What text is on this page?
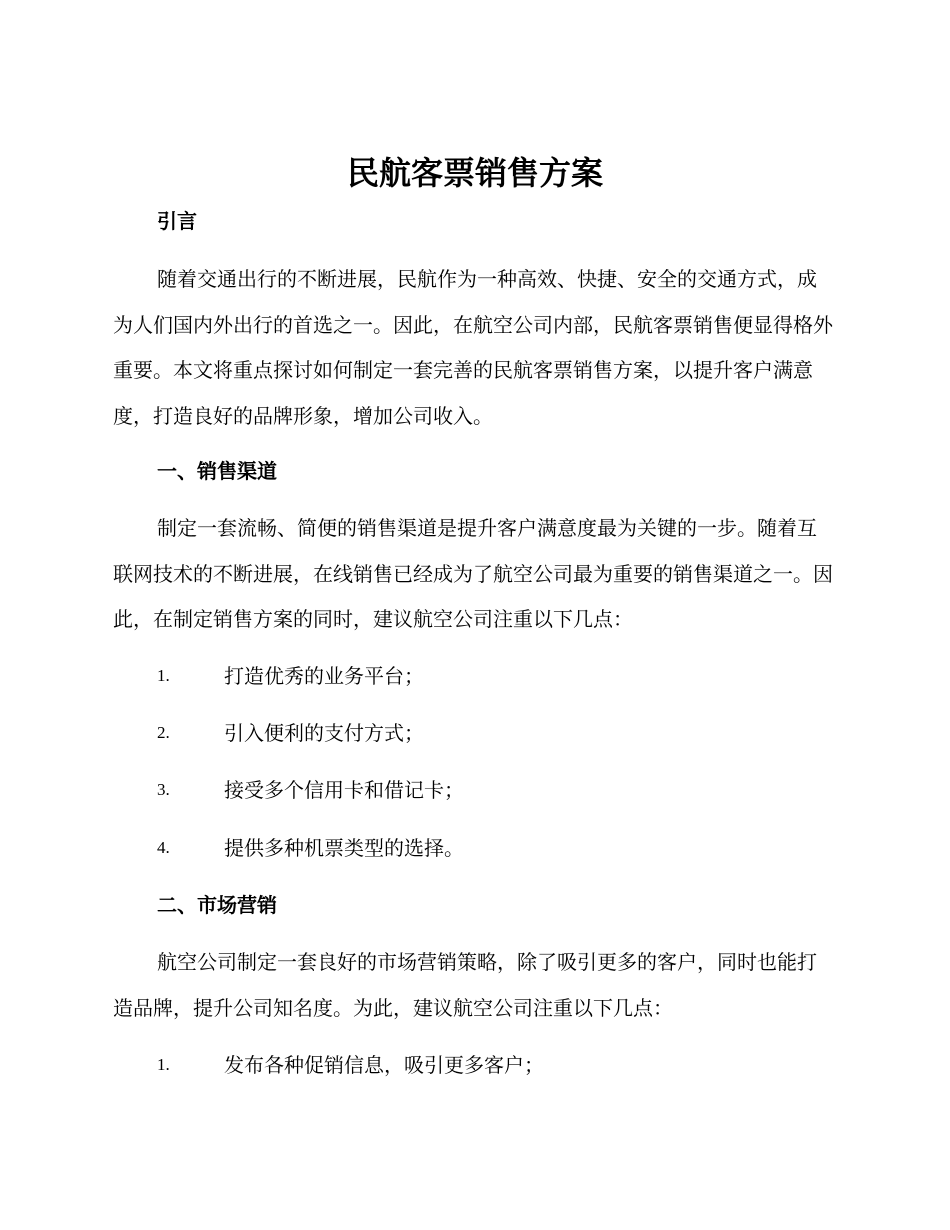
民航客票销售方案
引言

随着交通出行的不断进展，民航作为一种高效、快捷、安全的交通方式，成为人们国内外出行的首选之一。因此，在航空公司内部，民航客票销售便显得格外重要。本文将重点探讨如何制定一套完善的民航客票销售方案，以提升客户满意度，打造良好的品牌形象，增加公司收入。

一、销售渠道

制定一套流畅、简便的销售渠道是提升客户满意度最为关键的一步。随着互联网技术的不断进展，在线销售已经成为了航空公司最为重要的销售渠道之一。因此，在制定销售方案的同时，建议航空公司注重以下几点：

1.	打造优秀的业务平台；
2.	引入便利的支付方式；
3.	接受多个信用卡和借记卡；
4.	提供多种机票类型的选择。
二、市场营销

航空公司制定一套良好的市场营销策略，除了吸引更多的客户，同时也能打造品牌，提升公司知名度。为此，建议航空公司注重以下几点：

1.	发布各种促销信息，吸引更多客户；
